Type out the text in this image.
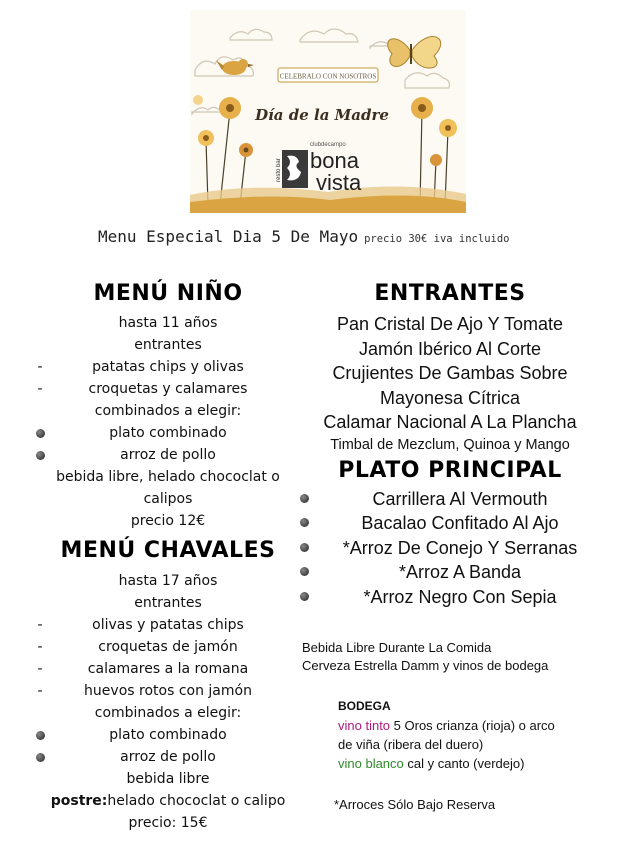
CELEBRALO CON NOSOTROS
Día de la Madre
resto bar
clubdecampo
bona
vista
Menu Especial Dia 5 De Mayo precio 30€ iva incluido
MENÚ NIÑO
hasta 11 años
entrantes
-	patatas chips y olivas
-	croquetas y calamares
combinados a elegir:
plato combinado
arroz de pollo
bebida libre, helado chococlat o
calipos
precio 12€
MENÚ CHAVALES
hasta 17 años
entrantes
-	olivas y patatas chips
-	croquetas de jamón
-	calamares a la romana
-	huevos rotos con jamón
combinados a elegir:
plato combinado
arroz de pollo
bebida libre
postre:helado chococlat o calipo
precio: 15€
ENTRANTES
Pan Cristal De Ajo Y Tomate
Jamón Ibérico Al Corte
Crujientes De Gambas Sobre
Mayonesa Cítrica
Calamar Nacional A La Plancha
Timbal de Mezclum, Quinoa y Mango
PLATO PRINCIPAL
Carrillera Al Vermouth
Bacalao Confitado Al Ajo
*Arroz De Conejo Y Serranas
*Arroz A Banda
*Arroz Negro Con Sepia
Bebida Libre Durante La Comida
Cerveza Estrella Damm y vinos de bodega
BODEGA
vino tinto 5 Oros crianza (rioja) o arco
de viña (ribera del duero)
vino blanco cal y canto (verdejo)
*Arroces Sólo Bajo Reserva
